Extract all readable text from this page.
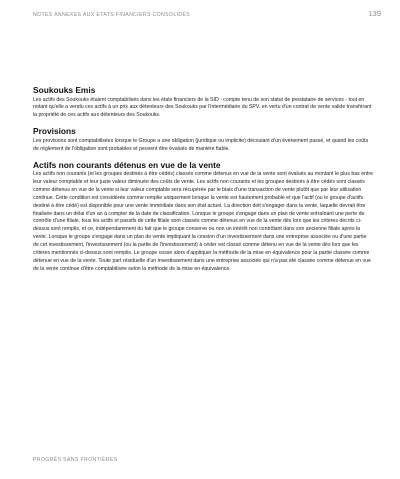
NOTES ANNEXES AUX ÉTATS FINANCIERS CONSOLIDÉS	139
Soukouks Emis

Les actifs des Soukouks étaient comptabilisés dans les états financiers de la SID - compte tenu de son statut de prestataire de services - tout en notant qu'elle a vendu ces actifs à un prix aux détenteurs des Soukouks par l'intermédiaire du SPV, en vertu d'un contrat de vente valide transférant la propriété de ces actifs aux détenteurs des Soukouks.

Provisions

Les provisions sont comptabilisées lorsque le Groupe a une obligation (juridique ou implicite) découlant d'un événement passé, et quand les coûts de règlement de l'obligation sont probables et peuvent être évalués de manière fiable.

Actifs non courants détenus en vue de la vente

Les actifs non courants (et les groupes destinés à être cédés) classés comme détenus en vue de la vente sont évalués au montant le plus bas entre leur valeur comptable et leur juste valeur diminuée des coûts de vente. Les actifs non courants et les groupes destinés à être cédés sont classés comme détenus en vue de la vente si leur valeur comptable sera récupérée par le biais d'une transaction de vente plutôt que par leur utilisation continue. Cette condition est considérée comme remplie uniquement lorsque la vente est hautement probable et que l'actif (ou le groupe d'actifs destiné à être cédé) est disponible pour une vente immédiate dans son état actuel. La direction doit s'engager dans la vente, laquelle devrait être finalisée dans un délai d'un an à compter de la date de classification. Lorsque le groupe s'engage dans un plan de vente entraînant une perte de contrôle d'une filiale, tous les actifs et passifs de cette filiale sont classés comme détenus en vue de la vente dès lors que les critères décrits ci-dessus sont remplis, et ce, indépendamment du fait que le groupe conserve ou non un intérêt non contrôlant dans son ancienne filiale après la vente. Lorsque le groupe s'engage dans un plan de vente impliquant la cession d'un investissement dans une entreprise associée ou d'une partie de cet investissement, l'investissement (ou la partie de l'investissement) à céder est classé comme détenu en vue de la vente dès lors que les critères mentionnés ci-dessus sont remplis. Le groupe cesse alors d'appliquer la méthode de la mise en équivalence pour la partie classée comme détenue en vue de la vente. Toute part résiduelle d'un investissement dans une entreprise associée qui n'a pas été classée comme détenue en vue de la vente continue d'être comptabilisée selon la méthode de la mise en équivalence.

PROGRÈS SANS FRONTIÈRES
